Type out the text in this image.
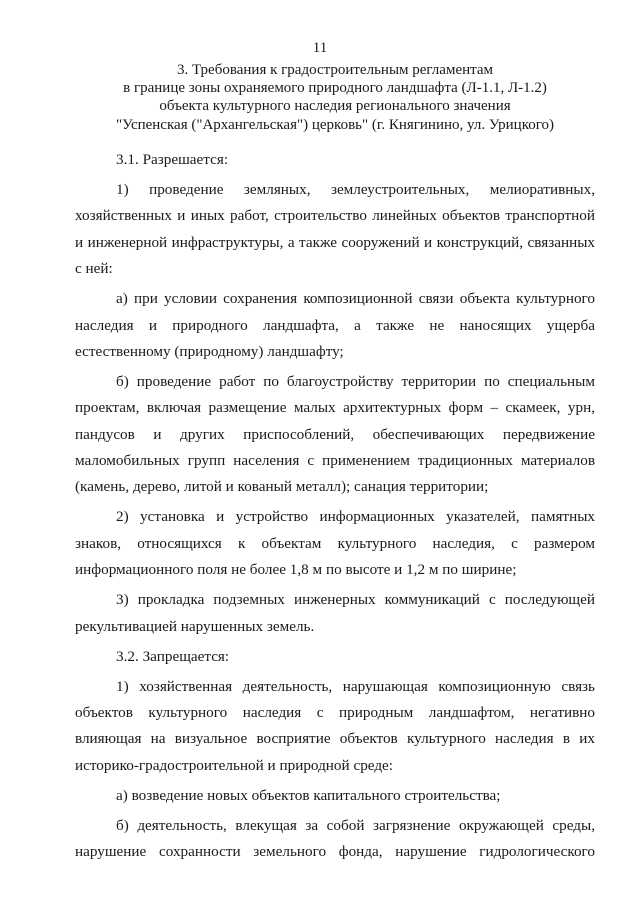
11
3. Требования к градостроительным регламентам
в границе зоны охраняемого природного ландшафта (Л-1.1, Л-1.2)
объекта культурного наследия регионального значения
"Успенская ("Архангельская") церковь" (г. Княгинино, ул. Урицкого)
3.1. Разрешается:
1) проведение земляных, землеустроительных, мелиоративных,
хозяйственных и иных работ, строительство линейных объектов транспортной
и инженерной инфраструктуры, а также сооружений и конструкций, связанных
с ней:
а) при условии сохранения композиционной связи объекта культурного
наследия и природного ландшафта, а также не наносящих ущерба
естественному (природному) ландшафту;
б) проведение работ по благоустройству территории по специальным
проектам, включая размещение малых архитектурных форм – скамеек, урн,
пандусов и других приспособлений, обеспечивающих передвижение
маломобильных групп населения с применением традиционных материалов
(камень, дерево, литой и кованый металл); санация территории;
2) установка и устройство информационных указателей, памятных
знаков, относящихся к объектам культурного наследия, с размером
информационного поля не более 1,8 м по высоте и 1,2 м по ширине;
3) прокладка подземных инженерных коммуникаций с последующей
рекультивацией нарушенных земель.
3.2. Запрещается:
1) хозяйственная деятельность, нарушающая композиционную связь
объектов культурного наследия с природным ландшафтом, негативно
влияющая на визуальное восприятие объектов культурного наследия в их
историко-градостроительной и природной среде:
а) возведение новых объектов капитального строительства;
б) деятельность, влекущая за собой загрязнение окружающей среды,
нарушение сохранности земельного фонда, нарушение гидрологического
